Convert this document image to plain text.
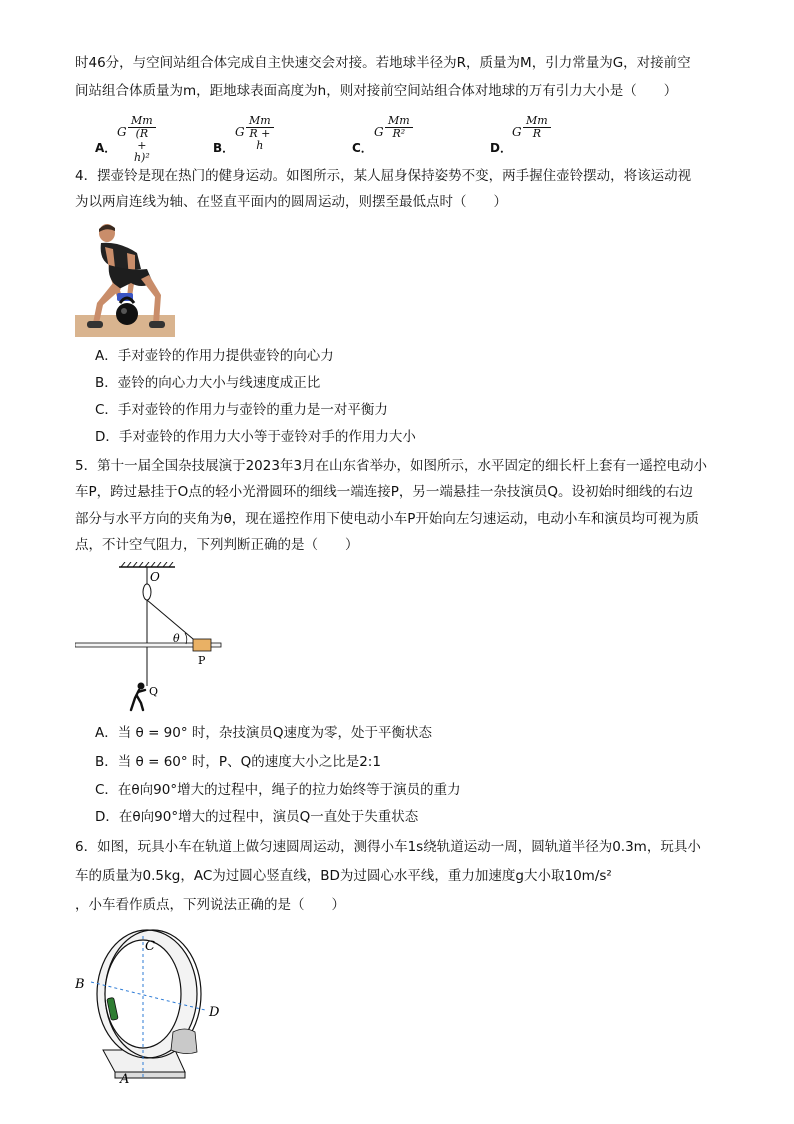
时46分，与空间站组合体完成自主快速交会对接。若地球半径为R，质量为M，引力常量为G，对接前空
间站组合体质量为m，距地球表面高度为h，则对接前空间站组合体对地球的万有引力大小是（　　）
A．
G $\frac{Mm}{\text{(R + h)²}}$	B．
G $\frac{Mm}{R + h}$	C．
G $\frac{Mm}{\text{R²}}$
D．
G $\frac{Mm}{R}$
4．摆壶铃是现在热门的健身运动。如图所示，某人屈身保持姿势不变，两手握住壶铃摆动，将该运动视
为以两肩连线为轴、在竖直平面内的圆周运动，则摆至最低点时（　　）
A．手对壶铃的作用力提供壶铃的向心力
B．壶铃的向心力大小与线速度成正比
C．手对壶铃的作用力与壶铃的重力是一对平衡力
D．手对壶铃的作用力大小等于壶铃对手的作用力大小
5．第十一届全国杂技展演于2023年3月在山东省举办，如图所示，水平固定的细长杆上套有一遥控电动小
车P，跨过悬挂于O点的轻小光滑圆环的细线一端连接P，另一端悬挂一杂技演员Q。设初始时细线的右边
部分与水平方向的夹角为θ，现在遥控作用下使电动小车P开始向左匀速运动，电动小车和演员均可视为质
点，不计空气阻力，下列判断正确的是（　　）
O
θ
P
Q
A．当 θ = 90° 时，杂技演员Q速度为零，处于平衡状态
B．当 θ = 60° 时，P、Q的速度大小之比是2:1
C．在θ向90°增大的过程中，绳子的拉力始终等于演员的重力
D．在θ向90°增大的过程中，演员Q一直处于失重状态
6．如图，玩具小车在轨道上做匀速圆周运动，测得小车1s绕轨道运动一周，圆轨道半径为0.3m，玩具小
车的质量为0.5kg，AC为过圆心竖直线，BD为过圆心水平线，重力加速度g大小取10m/s²
，小车看作质点，下列说法正确的是（　　）
C
B
D
A
